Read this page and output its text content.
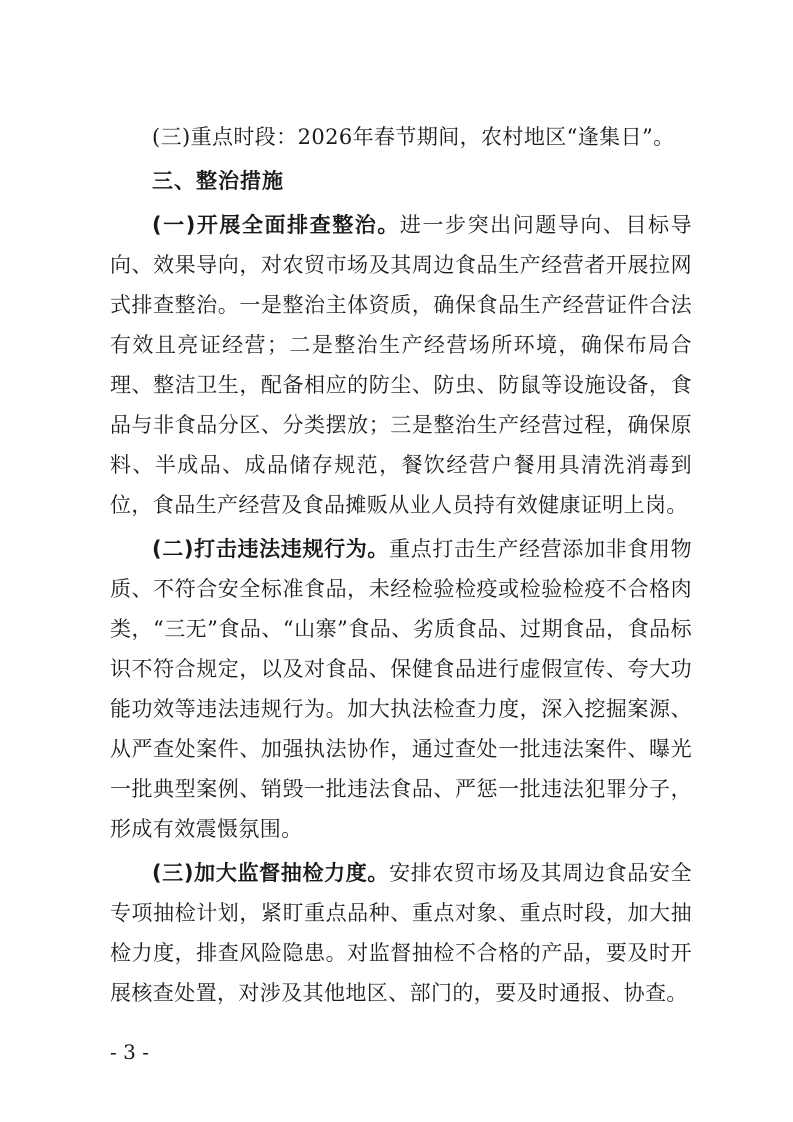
(三)重点时段：2026年春节期间，农村地区“逢集日”。

三、整治措施

(一)开展全面排查整治。进一步突出问题导向、目标导向、效果导向，对农贸市场及其周边食品生产经营者开展拉网式排查整治。一是整治主体资质，确保食品生产经营证件合法有效且亮证经营；二是整治生产经营场所环境，确保布局合理、整洁卫生，配备相应的防尘、防虫、防鼠等设施设备，食品与非食品分区、分类摆放；三是整治生产经营过程，确保原料、半成品、成品储存规范，餐饮经营户餐用具清洗消毒到位，食品生产经营及食品摊贩从业人员持有效健康证明上岗。

(二)打击违法违规行为。重点打击生产经营添加非食用物质、不符合安全标准食品，未经检验检疫或检验检疫不合格肉类，“三无”食品、“山寨”食品、劣质食品、过期食品，食品标识不符合规定，以及对食品、保健食品进行虚假宣传、夸大功能功效等违法违规行为。加大执法检查力度，深入挖掘案源、从严查处案件、加强执法协作，通过查处一批违法案件、曝光一批典型案例、销毁一批违法食品、严惩一批违法犯罪分子，形成有效震慑氛围。

(三)加大监督抽检力度。安排农贸市场及其周边食品安全专项抽检计划，紧盯重点品种、重点对象、重点时段，加大抽检力度，排查风险隐患。对监督抽检不合格的产品，要及时开展核查处置，对涉及其他地区、部门的，要及时通报、协查。

- 3 -
